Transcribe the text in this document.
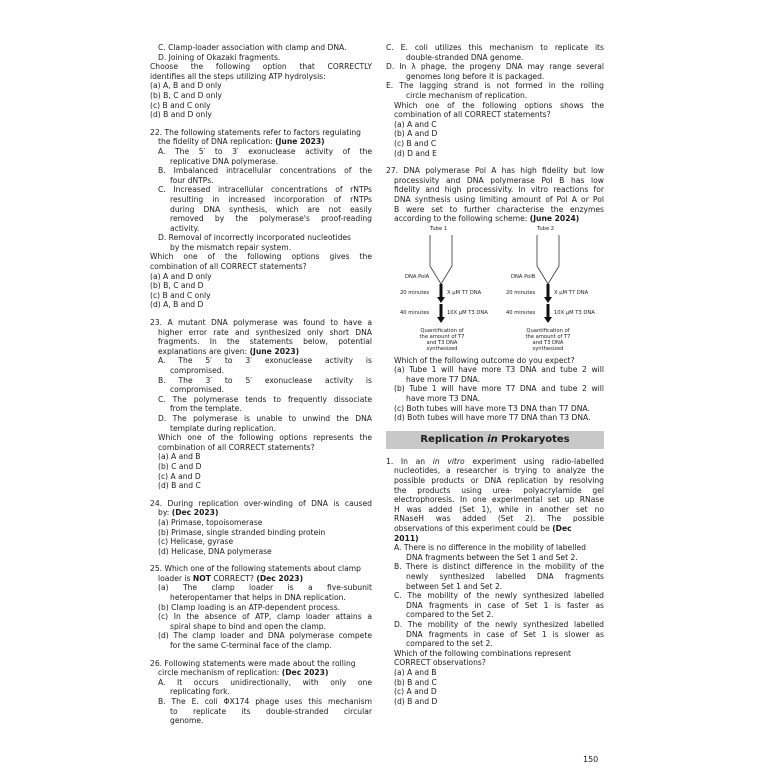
C. Clamp-loader association with clamp and DNA.
D. Joining of Okazaki fragments.
Choose the following option that CORRECTLY
identifies all the steps utilizing ATP hydrolysis:
(a) A, B and D only
(b) B, C and D only
(c) B and C only
(d) B and D only
22. The following statements refer to factors regulating
the fidelity of DNA replication: (June 2023)
A. The 5′ to 3′ exonuclease activity of the
replicative DNA polymerase.
B. Imbalanced intracellular concentrations of the
four dNTPs.
C. Increased intracellular concentrations of rNTPs
resulting in increased incorporation of rNTPs
during DNA synthesis, which are not easily
removed by the polymerase's proof-reading
activity.
D. Removal of incorrectly incorporated nucleotides
by the mismatch repair system.
Which one of the following options gives the
combination of all CORRECT statements?
(a) A and D only
(b) B, C and D
(c) B and C only
(d) A, B and D
23. A mutant DNA polymerase was found to have a
higher error rate and synthesized only short DNA
fragments. In the statements below, potential
explanations are given: (June 2023)
A. The 5′ to 3′ exonuclease activity is
compromised.
B. The 3′ to 5′ exonuclease activity is
compromised.
C. The polymerase tends to frequently dissociate
from the template.
D. The polymerase is unable to unwind the DNA
template during replication.
Which one of the following options represents the
combination of all CORRECT statements?
(a) A and B
(b) C and D
(c) A and D
(d) B and C
24. During replication over-winding of DNA is caused
by: (Dec 2023)
(a) Primase, topoisomerase
(b) Primase, single stranded binding protein
(c) Helicase, gyrase
(d) Helicase, DNA polymerase
25. Which one of the following statements about clamp
loader is NOT CORRECT? (Dec 2023)
(a) The clamp loader is a five-subunit
heteropentamer that helps in DNA replication.
(b) Clamp loading is an ATP-dependent process.
(c) In the absence of ATP, clamp loader attains a
spiral shape to bind and open the clamp.
(d) The clamp loader and DNA polymerase compete
for the same C-terminal face of the clamp.
26. Following statements were made about the rolling
circle mechanism of replication: (Dec 2023)
A. It occurs unidirectionally, with only one
replicating fork.
B. The E. coli ΦX174 phage uses this mechanism
to replicate its double-stranded circular
genome.
C. E. coli utilizes this mechanism to replicate its
double-stranded DNA genome.
D. In λ phage, the progeny DNA may range several
genomes long before it is packaged.
E. The lagging strand is not formed in the rolling
circle mechanism of replication.
Which one of the following options shows the
combination of all CORRECT statements?
(a) A and C
(b) A and D
(c) B and C
(d) D and E
27. DNA polymerase Pol A has high fidelity but low
processivity and DNA polymerase Pol B has low
fidelity and high processivity. In vitro reactions for
DNA synthesis using limiting amount of Pol A or Pol
B were set to further characterise the enzymes
according to the following scheme: (June 2024)
Tube 1	Tube 2
DNA PolA	DNA PolB
20 minutes	X µM T7 DNA	20 minutes	X µM T7 DNA
40 minutes	10X µM T3 DNA	40 minutes	10X µM T3 DNA
Quantification of
the amount of T7
and T3 DNA
synthesized
Quantification of
the amount of T7
and T3 DNA
synthesized
Which of the following outcome do you expect?
(a) Tube 1 will have more T3 DNA and tube 2 will
have more T7 DNA.
(b) Tube 1 will have more T7 DNA and tube 2 will
have more T3 DNA.
(c) Both tubes will have more T3 DNA than T7 DNA.
(d) Both tubes will have more T7 DNA than T3 DNA.
Replication in Prokaryotes
1. In an in vitro experiment using radio-labelled
nucleotides, a researcher is trying to analyze the
possible products or DNA replication by resolving
the products using urea- polyacrylamide gel
electrophoresis. In one experimental set up RNase
H was added (Set 1), while in another set no
RNaseH was added (Set 2). The possible
observations of this experiment could be (Dec
2011)
A. There is no difference in the mobility of labelled
DNA fragments between the Set 1 and Set 2.
B. There is distinct difference in the mobility of the
newly synthesized labelled DNA fragments
between Set 1 and Set 2.
C. The mobility of the newly synthesized labelled
DNA fragments in case of Set 1 is faster as
compared to the Set 2.
D. The mobility of the newly synthesized labelled
DNA fragments in case of Set 1 is slower as
compared to the set 2.
Which of the following combinations represent
CORRECT observations?
(a) A and B
(b) B and C
(c) A and D
(d) B and D
150
